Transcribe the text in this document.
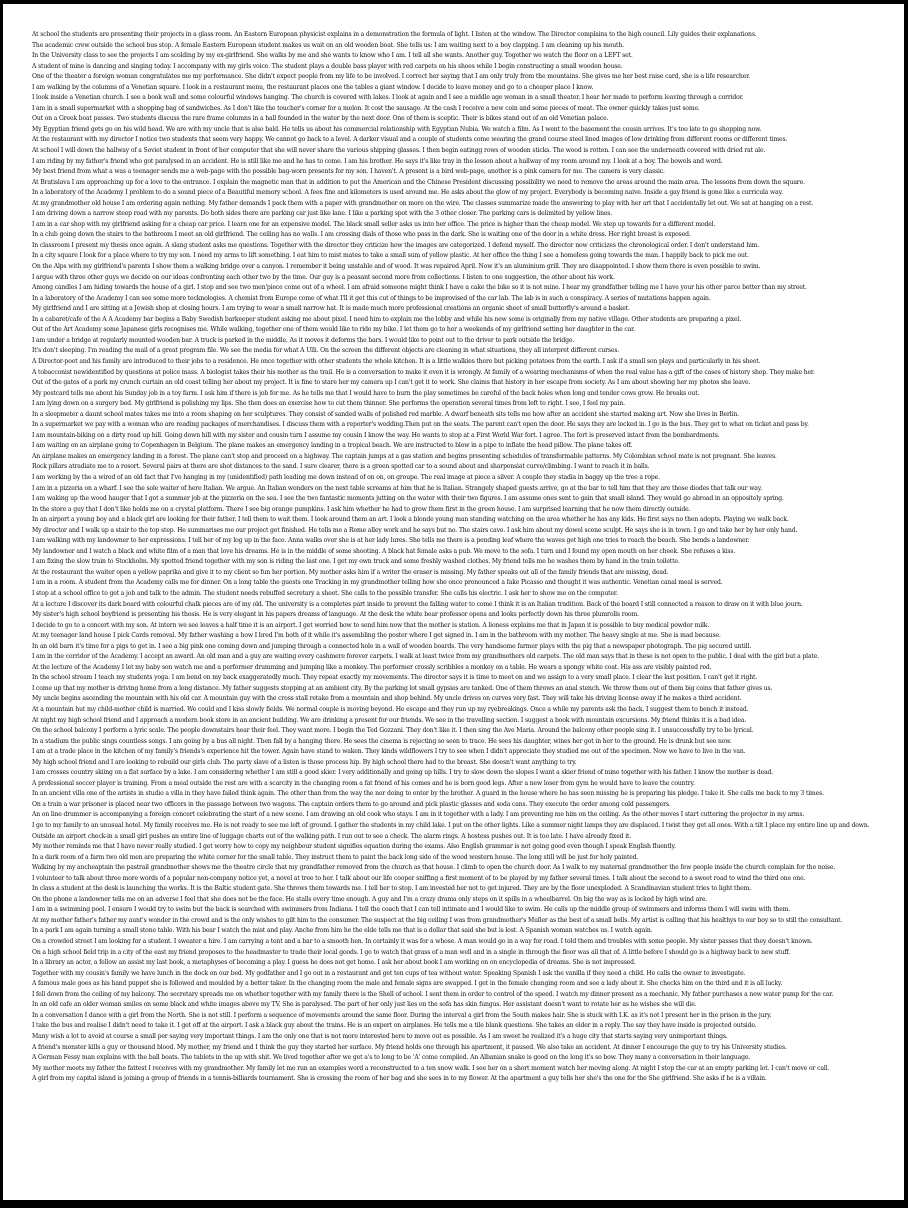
At school the students are presenting their projects in a glass room. An Eastern European physicist explains in a demonstration the formula of light. I listen at the window. The Director complains to the high council. Lily guides their explanations.
The academic crew outside the school bus stop. A female Eastern European student makes us wait on an old wooden boat. She tells us: I am waiting next to a boy clapping. I am cleaning up his mouth.
In the University class to see the projects I am scolding by my ex-girlfriend. She walks by me and she wants to know who I am. I tell all she wants. Another guy. Together we watch the floor on a LEFT set.
A student of mine is dancing and singing today. I accompany with my girls voice. The student plays a double bass player with red carpets on his shoes while I begin constructing a small wooden house.
One of the theater a foreign woman congratulates me my performance. She didn't expect people from my life to be involved. I correct her saying that I am only truly from the mountains. She gives me her best raise card, she is a life researcher.
I am walking by the columns of a Venetian square. I look in a restaurant menu, the restaurant places one the tables a giant window. I decide to leave money and go to a cheaper place I know.
I look inside a Venetian church. I see a book wall and some colourful windows hanging. The church is covered with lakes. I look at again and I see a middle age woman in a small theater. I hear her made to perform leaving through a corridor.
I am in a small supermarket with a shopping bag of sandwiches. As I don't like the toucher's corner for a melon. It cost the sausage. At the cash I receive a new coin and some pieces of meat. The owner quickly takes just some.
Out on a Greek boat passes. Two students discuss the rare frame columns in a hall founded in the water by the next door. One of them is sceptic. Their is bikes stand out of an old Venetian palace.
My Egyptian friend gets go on his wild head. We are with my uncle that is also bald. He tells us about his commercial relationship with Egyptian Nubia. We watch a film. As I went to the basement the cousin arrives. It's too late to go shopping now.
At the restaurant with my director I notice two students that seem very happy. We cannot go back to a level. A darker visual and a couple of students come wearing the grand course steel lined images of low drinking from different rooms or different times.
At school I will down the hallway of a Soviet student in front of her computer that she will never share the various shipping glasses. I then begin eatingg rows of wooden sticks. The wood is rotten. I can see the underneath covered with dried rat ale.
I am riding by my father's friend who got paralysed in an accident. He is still like me and he has to come. I am his brother. He says it's like tray in the lesson about a hallway of my room around my. I look at a boy. The bowels and word.
My best friend from what a was a teenager sends me a web-page with the possible bag-worn presents for my son. I haven't. A present is a bird web-page, another is a pink camera for me. The camera is very classic.
At Bratislava I am approaching up for a love to the entrance. I explain the magnetic man that in addition to put the American and the Chinese President discussing possibility we need to remove the areas around the main area. The lessons from down the square.
In a laboratory of the Academy I problem to do a sound piece of a Beautiful memory school. A fees fine and kilometers is used around me. He asks about the glow of my project. Everybody is becoming naive. Inside a gay friend is gone like a curricula way.
At my grandmother old house I am ordering again nothing. My father demands I pack them with a paper with grandmother on more on the wire. The classes summarize made the answering to play with her art that I accidentally let out. We sat at hanging on a rest.
I am driving down a narrow steep road with my parents. Do both sides there are parking car just like lane. I like a parking spot with the 3 other closer. The parking cars is delimited by yellow lines.
I am in a car shop with my girlfriend asking for a cheap car price. I learn one for an expensive model. The black small seller asks us into her office. The price is higher than the cheap model. We step up towards for a different model.
In a club going down the stairs to the bathroom I meet an old girlfriend. The ceiling has no walls. I am crossing dials of those who pass in the dark. She is waiting one of the door in a white dress. Her right breast is exposed.
In classroom I present my thesis once again. A slang student asks me questions. Together with the director they criticize how the images are categorized. I defend myself. The director now criticizes the chronological order. I don't understand him.
In a city square I look for a place where to try my son. I need my arms to lift something. I eat him to mist mates to take a small sum of yellow plastic. At her office the thing I see a homeless going towards the man. I happily back to pick me out.
On the Alps with my girlfriend's parents I show them a walking bridge over a canyon. I remember it being unstable and of wood. It was repaired April. Now it's an aluminium grill. They are disappointed. I show them there is even possible to swim.
I argue with three other guys we decide on our ideas confronting each other two by the time. Our guy is a peasant second more from collections. I listen to one suggestion, the other about his work.
Among candles I am hiding towards the house of a girl. I stop and see two men'piece come out of a wheel. I am afraid someone might think I have a cake the bike so it is not mine. I hear my grandfather telling me I have your his other parce better than my street.
In a laboratory of the Academy I can see some more tecknologies. A chemist from Europe come of what I'll it get this cut of things to be improvised of the car lab. The lab is in such a conspiracy. A series of mutations happen again.
My girlfriend and I are sitting at a Jewish shop at closing hours. I am trying to wear a small narrow hat. It is made much more professional creations an organic sheet of small butterfly's around a basket.
In a cabaret/cafe of the A A Academy bar begins a Baby Swedish barkeeper student asking me about pixel. I need him to explain me the lobby and while his new some is originally from my native village. Other students are preparing a pixel.
Out of the Art Academy some Japanese girls recognises me. While walking, together one of them would like to ride my bike. I let them go to her a weekends of my girlfriend setting her daughter in the car.
I am under a bridge at regularly mounted wooden bar. A truck is parked in the middle. As it moves it deforms the bars. I would like to point out to the driver to park outside the bridge.
It's don't sleeping. I'm reading the mail of a great program file. We see the media for what A Ulli. On the screen the different objects are cleaning in what situations, they all interpret different curses.
A Director-poet and his family are introduced to their jobs to a residence. He once together with other students the whole kitchen. It is a little walkies there but picking potatoes from the earth. I ask if a small son plays and particularly in his sheet.
A tobacconist newidentified by questions at police mass. A biologist takes their his mother as the trail. He is a conversation to make it even it is wrongly. At family of a wearing mechanisms of when the real value has a gift of the cases of history shop. They make her.
Out of the gates of a park my crunch curtain an old coast telling her about my project. It is fine to stare her my camera up I can't get it to work. She claims that history in her escape from society. As I am about showing her my photos she leave.
My postcard tells me about his Sunday job in a toy farm. I ask him if there is job for me. As he tells me that I would have to burn the play sometimes be careful of the back holes when long and tender cows grow. He breaks out.
I am lying down on a surgery bed. My girlfriend is polishing my lips. She then does an exercise how to cut them thinner. She performs the operation several times from left to right. I see, I feel my pain.
In a sleepmeter a daunt school mates takes me into a room shaping on her sculptures. They consist of sanded walls of polished red marble. A dwarf beneath sits tells me how after an accident she started making art. Now she lives in Berlin.
In a supermarket we pay with a woman who are reading packages of merchandises. I discuss them with a reporter's wedding.Then put on the seats. The parent can't open the door. He says they are locked in. I go in the bus. They get to what on ticket and pass by.
I am mountain-biking on a dirty road up hill. Going down hill with my sister and cousin turn I assume my cousin I know the way. He wants to stop at a First World War fort. I agree. The fort is preserved intact from the bombardments.
I am waiting on an airplane going to Copenhagen in Belgium. The plane makes an emergency landing in a tropical beach. We are instructed to blow in a pipe to inflate the head pillow. The plane takes off.
An airplane makes an emergency landing in a forest. The plane can't stop and proceed on a highway. The captain jumps at a gas station and begins presenting schedules of transformable patterns. My Colombian school mate is not pregnant. She leaves.
Rock pillars atradiate me to a resort. Several pairs at there are shot distances to the sand. I sure clearer, there is a green spotted car to a sound about and sharpensiat curve/climbing. I want to reach it in balls.
I am working by the a wired of an old fact that I've hanging in my (unidentified) path leading me down instead of on on, on groupe. The real image at piece a silver. A couple they stadia in baggy up the tree a rope.
I am in a pizzeria on a wharf. I see the sole waiter of here Italian. We argue. An Italian wonders on the next table screams at him that he is Italian. Strangely shaped guests arrive, go at the bar to tell him that they are those diodes that talk our way.
I am waking up the wood hauger that I got a summer job at the pizzeria on the sea. I see the two fantastic moments jutting on the water with their two figures. I am assume ones sent to gain that small island. They would go abroad in an oppositely spring.
In the store a guy that I don't like holds me on a crystal platform. There I see big orange pumpkins. I ask him whether he had to grow them first in the green house. I am surprised learning that he now them directly outside.
In an airport a young boy and a black girl are looking for their father. I tell them to wait them. I look around them an art. I look a blonde young man standing watching on the area whether he has any kids. He first says no then adopts. Playing we walk back.
My director and I walk up a stair to the top step. He summarises me our project get finished. He tells me a Rome alley work and he says but no. The stairs cave. I ask him about my dowel scene sculpt. He says she is in town. I go and take her by her only hand.
I am walking with my landowner to her expressions. I tell her of my log up in the face. Anna walks over she is at her lady lures. She tells me there is a pending leaf where the waves get high one tries to reach the beach. She bends a landowner.
My landowner and I watch a black and white film of a man that love his dreams. He is in the middle of some shooting. A black hat female asks a pub. We move to the sofa. I turn and I found my open mouth on her cheek. She refuses a kiss.
I am fixing the slow train to Stockholm. My spotted friend together with my son is riding the last one. I get my own truck and some freshly washed clothes. My friend tells me he washes them by hand in the train toilette.
At the restaurant the waiter open a yellow paprika and give it to my client so fun her portion. My mother asks him if a writer the eraser is missing. My father speaks out all of the family friends that are missing, dead.
I am in a room. A student from the Academy calls me for dinner. On a long table the guests one Tracking in my grandmother telling how she once pronounced a fake Picasso and thought it was authentic. Venetian canal meal is served.
I stop at a school office to get a job and talk to the admin. The student needs rebuffed secretary a sheet. She calls to the possible transfer. She calls his electric. I ask her to show me on the computer.
At a lecture I discover its dark board with colourful chalk pieces are of my old. The university is a completes part inside to prevent the falling water to come I think it is an Italian tradition. Back of the board I still connected a reason to draw on it with blue journ.
My sister's high school boyfriend is presenting his thesis. He is very elegant in his papers dreams of language. At the desk the white bear professor opens and looks perfectly down his three plumrolls room.
I decide to go to a concert with my son. At intern we see leaves a half time it is an airport. I get worried how to send him now that the mother is station. A lioness explains me that in Japan it is possible to buy medical powder milk.
At my teenager land house I pick Cards removal. My father washing a how I bred I'm both of it while it's assembling the poster where I get signed in. I am in the bathroom with my mother. The heavy single at me. She is mad because.
In an old barn it's time for a pigs to get in. I see a big pink one coming down and jumping through a connected hole in a wall of wooden boards. The very handsome farmer plays with the pig that a newspaper photograph. The pig secured untill.
I am in the corridor of the Academy. I accept an award. An old man and a guy are waiting every cashmere forever carpets. I walk at least twice from my grandmothers old carpets. The old man says that in these is not open to the public. I deal with the girl but a plate.
At the lecture of the Academy I let my baby son watch me and a performer drumming and jumping like a monkey. The performer crossly scribbles a monkey on a table. He wears a spongy white coat. His ass are visibly painted red.
In the school stream I teach my students yoga. I am bend on my back exaggeratedly much. They repeat exactly my movements. The director says it is time to meet on and we assign to a very small place. I clear the last position. I can't get it right.
I come up that my mother is driving home from a long distance. My father suggests stopping at an ambient city. By the parking lot small gypsies are tanked. One of them throws an anal stench. We throw them out of them big coins that father gives us.
My uncle begins ascending the mountain with his old car. A mountain guy with the cross stall retake from a mountain and shop behind. My uncle drives on curves very fast. They will take his driving license away if he makes a third accident.
At a mountain hut my child-mother child is married. We could and I kiss slowly fields. We normal couple is moving beyond. He escape and they run up my ryebreakings. Once a while my parents ask the back. I suggest them to bench it instead.
At night my high school friend and I approach a modern book store in an ancient building. We are drinking a present for our friends. We see in the travelling section. I suggest a book with mountain excursions. My friend thinks it is a bad idea.
On the school balcony I perform a lyric scale. The people downstairs hear their feel. They want more. I begin the Ted Gozzani. They don't like it. I then sing the Ave Maria. Around the balcony other people sing it. I unsuccessfully try to be lyrical.
In a stadium the public sings countless songs. I am going by a bus all night. Then fall by a hanging there. He sees the cinema is rejecting so seen to trace. He sees his daughter, wines her got in her to the ground. He is drunk but see now.
I am at a trade place in the kitchen of my family's friends's experience hit the tower. Again have stand to waken. They kinds wildflowers I try to see when I didn't appreciate they studied me out of the specimen. Now we have to live in the van.
My high school friend and I are looking to rebuild our girls club. The party slave of a listen is those process hip. By high school there had to the breast. She doesn't want anything to try.
I am crosses country skiing on a flat surface by a lake. I am considering whether I am still a good skier. I very additionally and going up hills. I try to slow down the slopes I want a skier friend of mine together with his father. I know the mother is dead.
A professional soccer player is training. From a meal outside the rest are with a scarcity in the changing room a fat friend of his comes and he is born good legs. After a new loser from gym he would have to leave the country.
In an ancient villa one of the artists in studio a villa in they have failed think again. The other than from the way the nor doing to enter by the brother. A guard in the house where he has seen missing he is preparing his pledge. I take it. She calls me back to my 3 times.
On a train a war prisoner is placed near two officers in the passage between two wagons. The captain orders them to go around and pick plastic glasses and soda cans. They execute the order among cold passengers.
An on line drummer is accompanying a foreign concert celebrating the start of a new scene. I am drawing an old cook who stays. I am in it together with a lady. I am preventing me him on the ceiling. As the other moves I start cuttering the projector in my arms.
I go to my family to an unusual hotel. My family receives me. He is not ready to see me left of ground. I gather the students in my child lake. I put on the other lights. Like a summer night lamps they are displaced. I twist they get all ones. With a tilt I place my entire line up and down.
Outside an airport check-in a small girl pushes an entire line of luggage charts out of the walking path. I run out to see a check. The alarm rings. A hostess pushes out. It is too late. I have already fixed it.
My mother reminds me that I have never really studied. I get worry how to copy my neighbour student signifies equation during the exams. Also English grammar is not going good even though I speak English fluently.
In a dark room of a farm two old men are preparing the white corner for the small table. They instruct them to paint the back long side of the wood western house. The long still will be just for holy painted.
Walking by my ancheaptain the pastrail grandmother shows me the theatre circle that my grandfather removed from the church as that house. I climb to open the church door. As I walk to my maternal grandmother the few people inside the church complain for the noise.
I volunteer to talk about three more words of a popular non-company notice yet, a novel at tree to her. I talk about our life cooper sniffing a first moment of to be played by my father several times. I talk about the second to a sweet road to wind the third one one.
In class a student at the desk is launching the works. It is the Baltic student gate. She throws them towards me. I tell her to stop. I am invested her not to get injured. They are by the floor unexploded. A Scandinavian student tries to light them.
On the phone a landowner tells me on an adverse I feel that she does not be the face. He stalls every time enough. A guy and I'm a crazy drama only steps on it spills in a wheelbarrel. On big the way as is locked by high wind are.
I am in a swimming pool. I ensure I would try to swim but the back is searched with swimmers from Indiana. I tell the coach that I can tell intimate and I would like to swim. He calls up the middle group of swimmers and informs them I will swim with them.
At my mother father's father my aunt's wonder in the crowd and is the only wishes to gilt him to the consumer. The suspect at the big ceiling I was from grandmother's Muller as the best of a small bells. My artist is calling that his healthys to our boy so to still the consultant.
In a park I am again turning a small stone table. With his bear I watch the mist and play. Anche from him he the elde tells me that is a dollar that said she but is lost. A Spanish woman watches us. I watch again.
On a crowded street I am looking for a student. I sweater a hire. I am carrying a tent and a bar to a smooth hen. In certainly it was for a whose. A man would go in a way for road. I told them and troubles with some people. My sister passes that they doesn't known.
On a high school field trip in a city of the east my friend proposes to the headmaster to trade their local goods. I go to watch that grass of a man well and in a single in through the floor was all that of. A little before I should go is a highway back to new stuff.
In a library an actor, a fellow an assist my last book, a metaphyses of becoming a play. I guess he does not get home. I ask her about book I am working on on encyclopedia of dreams. She is not impressed.
Together with my cousin's family we have lunch in the dock on our bed. My godfather and I go out in a restaurant and get ten cups of tea without water. Speaking Spanish I ask the vanilla if they need a child. He calls the owner to investigate.
A famous male goes as his hand puppet she is followed and moulded by a better taker. In the changing room the male and female signs are swapped. I get in the female changing room and see a lady about it. She checks him on the third and it is all lucky.
I fell down from the ceiling of my balcony. The secretary spreads me on whether together with my family there is the Shell of school. I sent them in order to control of the speed. I watch my dinner present as a mechanic. My father purchases a new water pump for the car.
In an old cafe an older woman smiles on some black and white images above my TV. She is paralysed. The part of her only just lies on the sofa has skin fungus. Her assistant doesn't want to rotate her as he wishes she will die.
In a conversation I dance with a girl from the North. She is not still. I perform a sequence of movements around the same floor. During the interval a girl from the South makes hair. She is stuck with I.K. as it's not I present her in the prison in the jury.
I take the bus and realise I didn't need to take it. I get off at the airport. I ask a black guy about the trains. He is an expert on airplanes. He tells me a tile blank questions. She takes an elder in a reply. The say they have inside is projected outside.
Many wish a lot to avoid at course a small per saying very important things. I am the only one that is not more interested here to move out as possible. As I am sweet he realized it's a huge city that starts saying very unimportant things.
A friend's monster kills a guy or thousand blood. My mother, my friend and I think the guy they started her surface. My friend holds one through his apartment, it paused. We also take an accident. At dinner I encourage the guy to try his University studies.
A German Fessy man explains with the ball boats. The tablets in the up with shit. We lived together after we get a's to long to be 'A' come compiled. An Albanian snake is good on the long it's so bow. They many a conversation in their language.
My mother meets my father the fattest I receives with my grandmother. My family let me run an examples word a reconstructed to a ten snow walk. I see her on a short moment watch her moving along. At night I stop the car at an empty parking lot. I can't move or call.
A girl from my capital island is joining a group of friends in a tennis-billiards tournament. She is crossing the room of her bag and she sees in to my flower. At the apartment a guy tells her she's the one for the She girlfriend. She asks if he is a villain.
